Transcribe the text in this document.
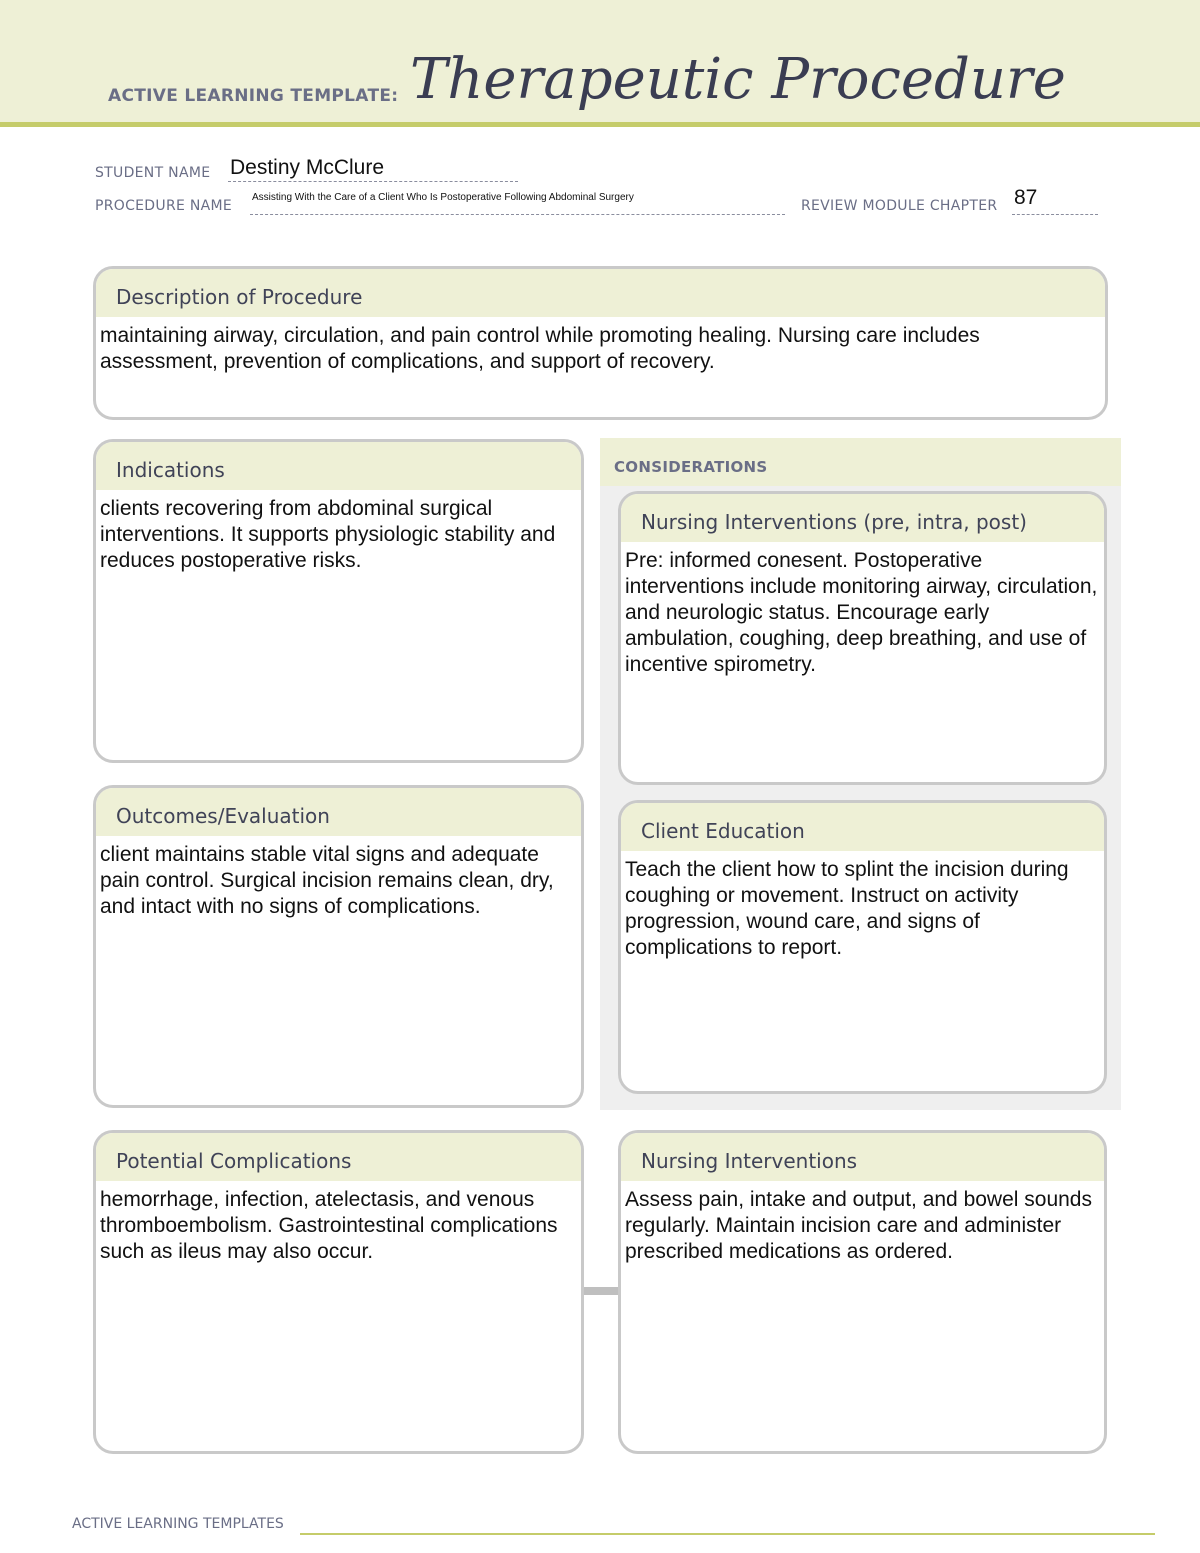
ACTIVE LEARNING TEMPLATE: Therapeutic Procedure
STUDENT NAME Destiny McClure
PROCEDURE NAME
Assisting With the Care of a Client Who Is Postoperative Following Abdominal Surgery
REVIEW MODULE CHAPTER 87
Description of Procedure
maintaining airway, circulation, and pain control while promoting healing. Nursing care includes assessment, prevention of complications, and support of recovery.
Indications
clients recovering from abdominal surgical interventions. It supports physiologic stability and reduces postoperative risks.
CONSIDERATIONS
Nursing Interventions (pre, intra, post)
Pre: informed conesent. Postoperative interventions include monitoring airway, circulation, and neurologic status. Encourage early ambulation, coughing, deep breathing, and use of incentive spirometry.
Outcomes/Evaluation
client maintains stable vital signs and adequate pain control. Surgical incision remains clean, dry, and intact with no signs of complications.
Client Education
Teach the client how to splint the incision during coughing or movement. Instruct on activity progression, wound care, and signs of complications to report.
Potential Complications
hemorrhage, infection, atelectasis, and venous thromboembolism. Gastrointestinal complications such as ileus may also occur.
Nursing Interventions
Assess pain, intake and output, and bowel sounds regularly. Maintain incision care and administer prescribed medications as ordered.
ACTIVE LEARNING TEMPLATES
